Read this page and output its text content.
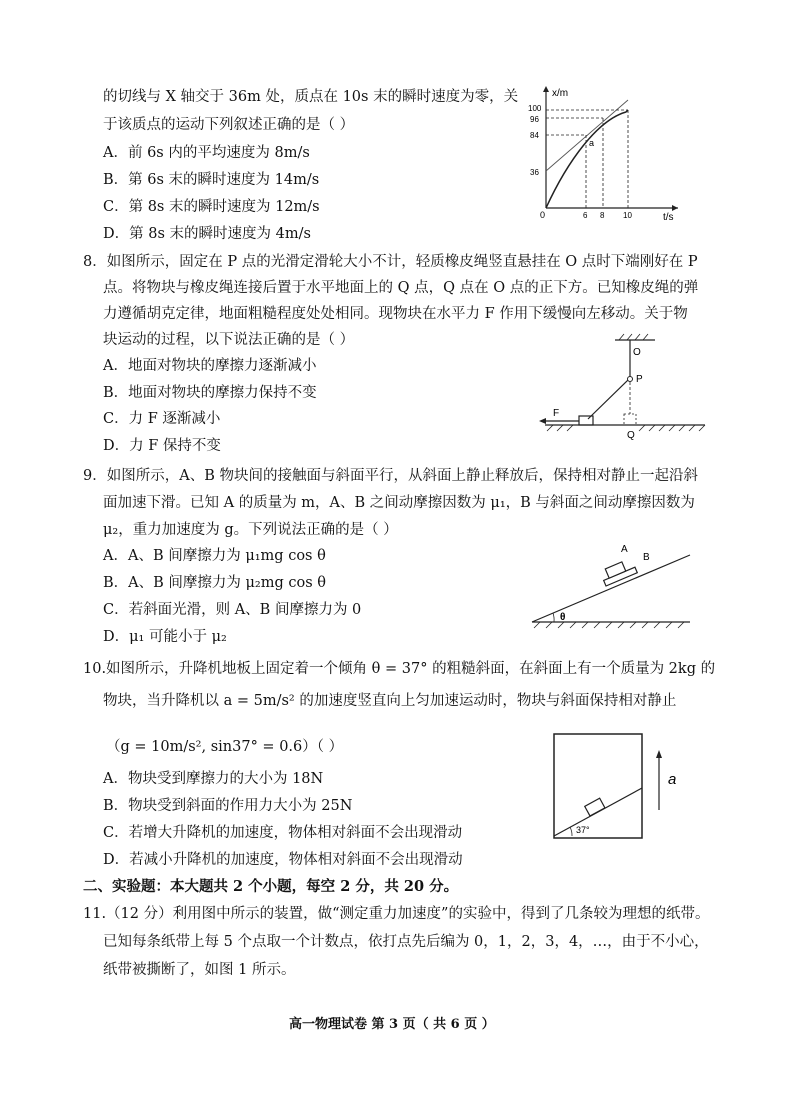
的切线与 X 轴交于 36m 处，质点在 10s 末的瞬时速度为零，关
于该质点的运动下列叙述正确的是（ ）
A．前 6s 内的平均速度为 8m/s
B．第 6s 末的瞬时速度为 14m/s
C．第 8s 末的瞬时速度为 12m/s
D．第 8s 末的瞬时速度为 4m/s
x/m
t/s
0
a
100
96
84
36
6 8 10
8．如图所示，固定在 P 点的光滑定滑轮大小不计，轻质橡皮绳竖直悬挂在 O 点时下端刚好在 P
点。将物块与橡皮绳连接后置于水平地面上的 Q 点，Q 点在 O 点的正下方。已知橡皮绳的弹
力遵循胡克定律，地面粗糙程度处处相同。现物块在水平力 F 作用下缓慢向左移动。关于物
块运动的过程，以下说法正确的是（ ）
A．地面对物块的摩擦力逐渐减小
B．地面对物块的摩擦力保持不变
C．力 F 逐渐减小
D．力 F 保持不变
O
P
Q
F
9．如图所示，A、B 物块间的接触面与斜面平行，从斜面上静止释放后，保持相对静止一起沿斜
面加速下滑。已知 A 的质量为 m，A、B 之间动摩擦因数为 μ₁，B 与斜面之间动摩擦因数为
μ₂，重力加速度为 g。下列说法正确的是（ ）
A．A、B 间摩擦力为 μ₁mg cos θ
B．A、B 间摩擦力为 μ₂mg cos θ
C．若斜面光滑，则 A、B 间摩擦力为 0
D．μ₁ 可能小于 μ₂
A
B
θ
10.如图所示，升降机地板上固定着一个倾角 θ = 37° 的粗糙斜面，在斜面上有一个质量为 2kg 的
物块，当升降机以 a = 5m/s² 的加速度竖直向上匀加速运动时，物块与斜面保持相对静止
（g = 10m/s², sin37° = 0.6）（ ）
A．物块受到摩擦力的大小为 18N
B．物块受到斜面的作用力大小为 25N
C．若增大升降机的加速度，物体相对斜面不会出现滑动
D．若减小升降机的加速度，物体相对斜面不会出现滑动
37°
a
二、实验题：本大题共 2 个小题，每空 2 分，共 20 分。
11.（12 分）利用图中所示的装置，做“测定重力加速度”的实验中，得到了几条较为理想的纸带。
已知每条纸带上每 5 个点取一个计数点，依打点先后编为 0，1，2，3，4，…，由于不小心，
纸带被撕断了，如图 1 所示。
高一物理试卷 第 3 页（ 共 6 页 ）
